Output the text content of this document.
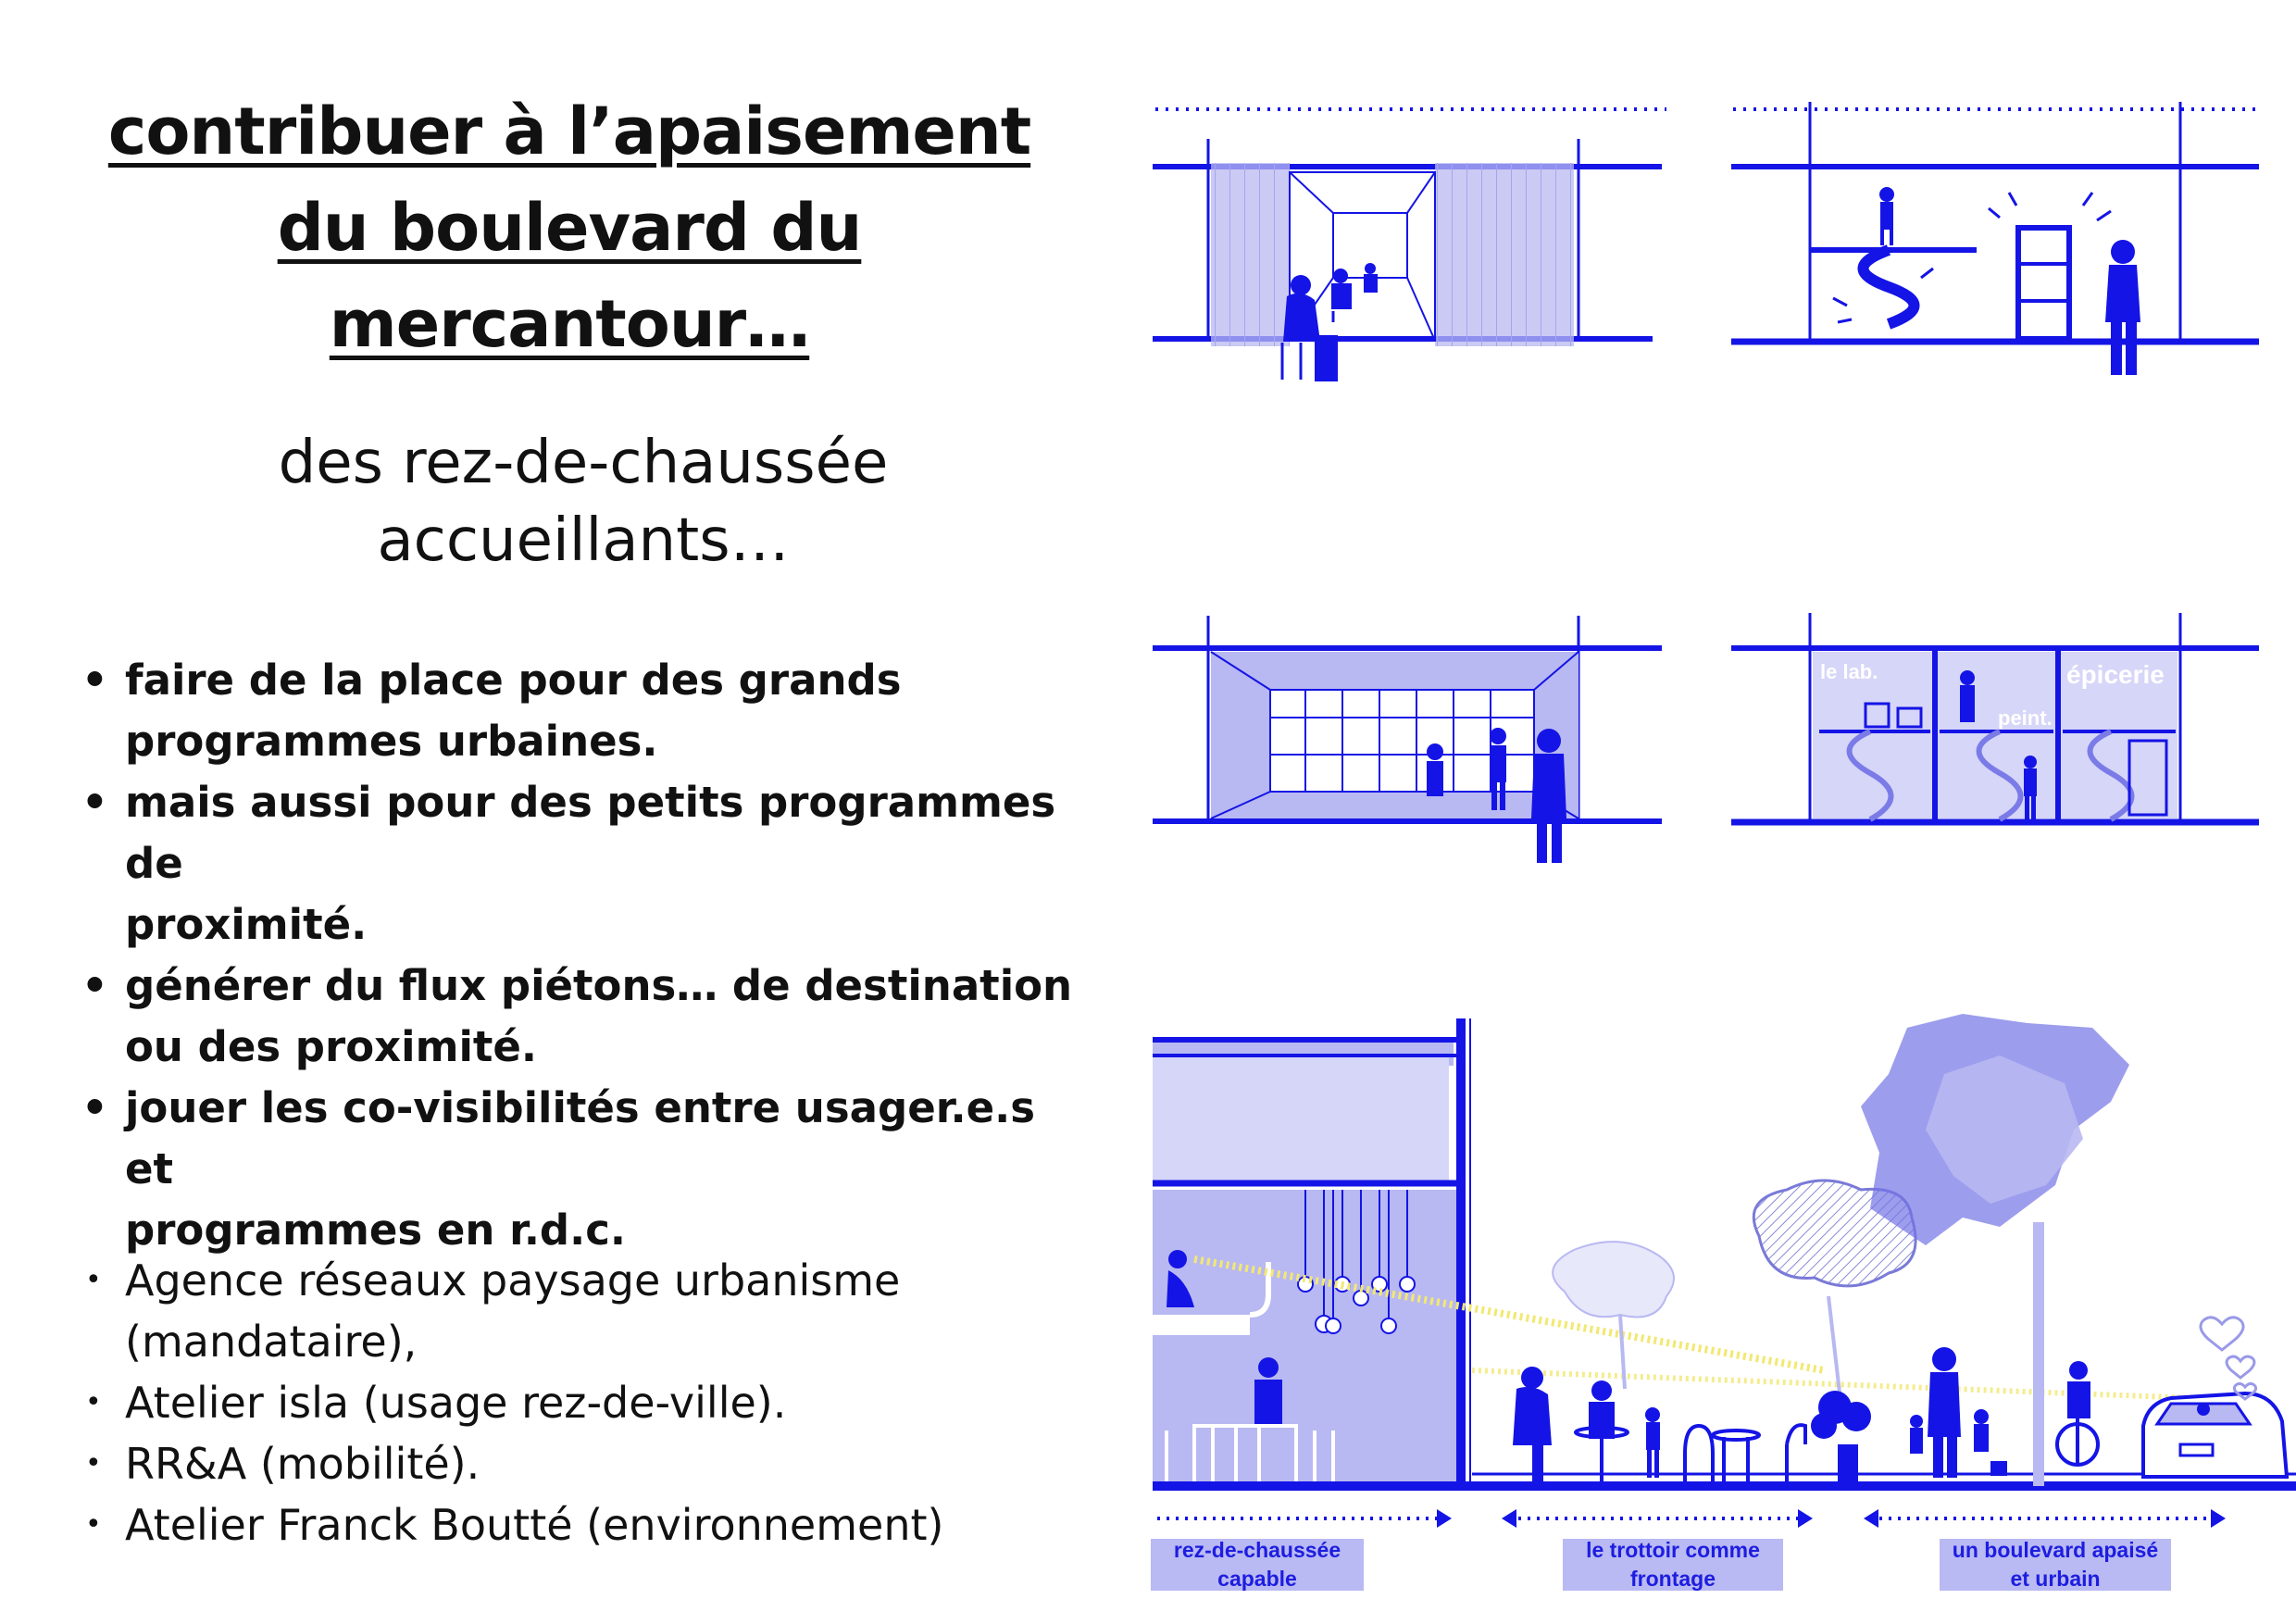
contribuer à l’apaisement
du boulevard du
mercantour…
des rez-de-chaussée
accueillants…
• faire de la place pour des grands
programmes urbaines.
• mais aussi pour des petits programmes de
proximité.
• générer du flux piétons… de destination
ou des proximité.
• jouer les co-visibilités entre usager.e.s et
programmes en r.d.c.
• Agence réseaux paysage urbanisme
(mandataire),
• Atelier isla (usage rez-de-ville).
• RR&A (mobilité).
• Atelier Franck Boutté (environnement)
le lab.
peint.
épicerie
rez-de-chaussée
capable
le trottoir comme
frontage
un boulevard apaisé
et urbain
